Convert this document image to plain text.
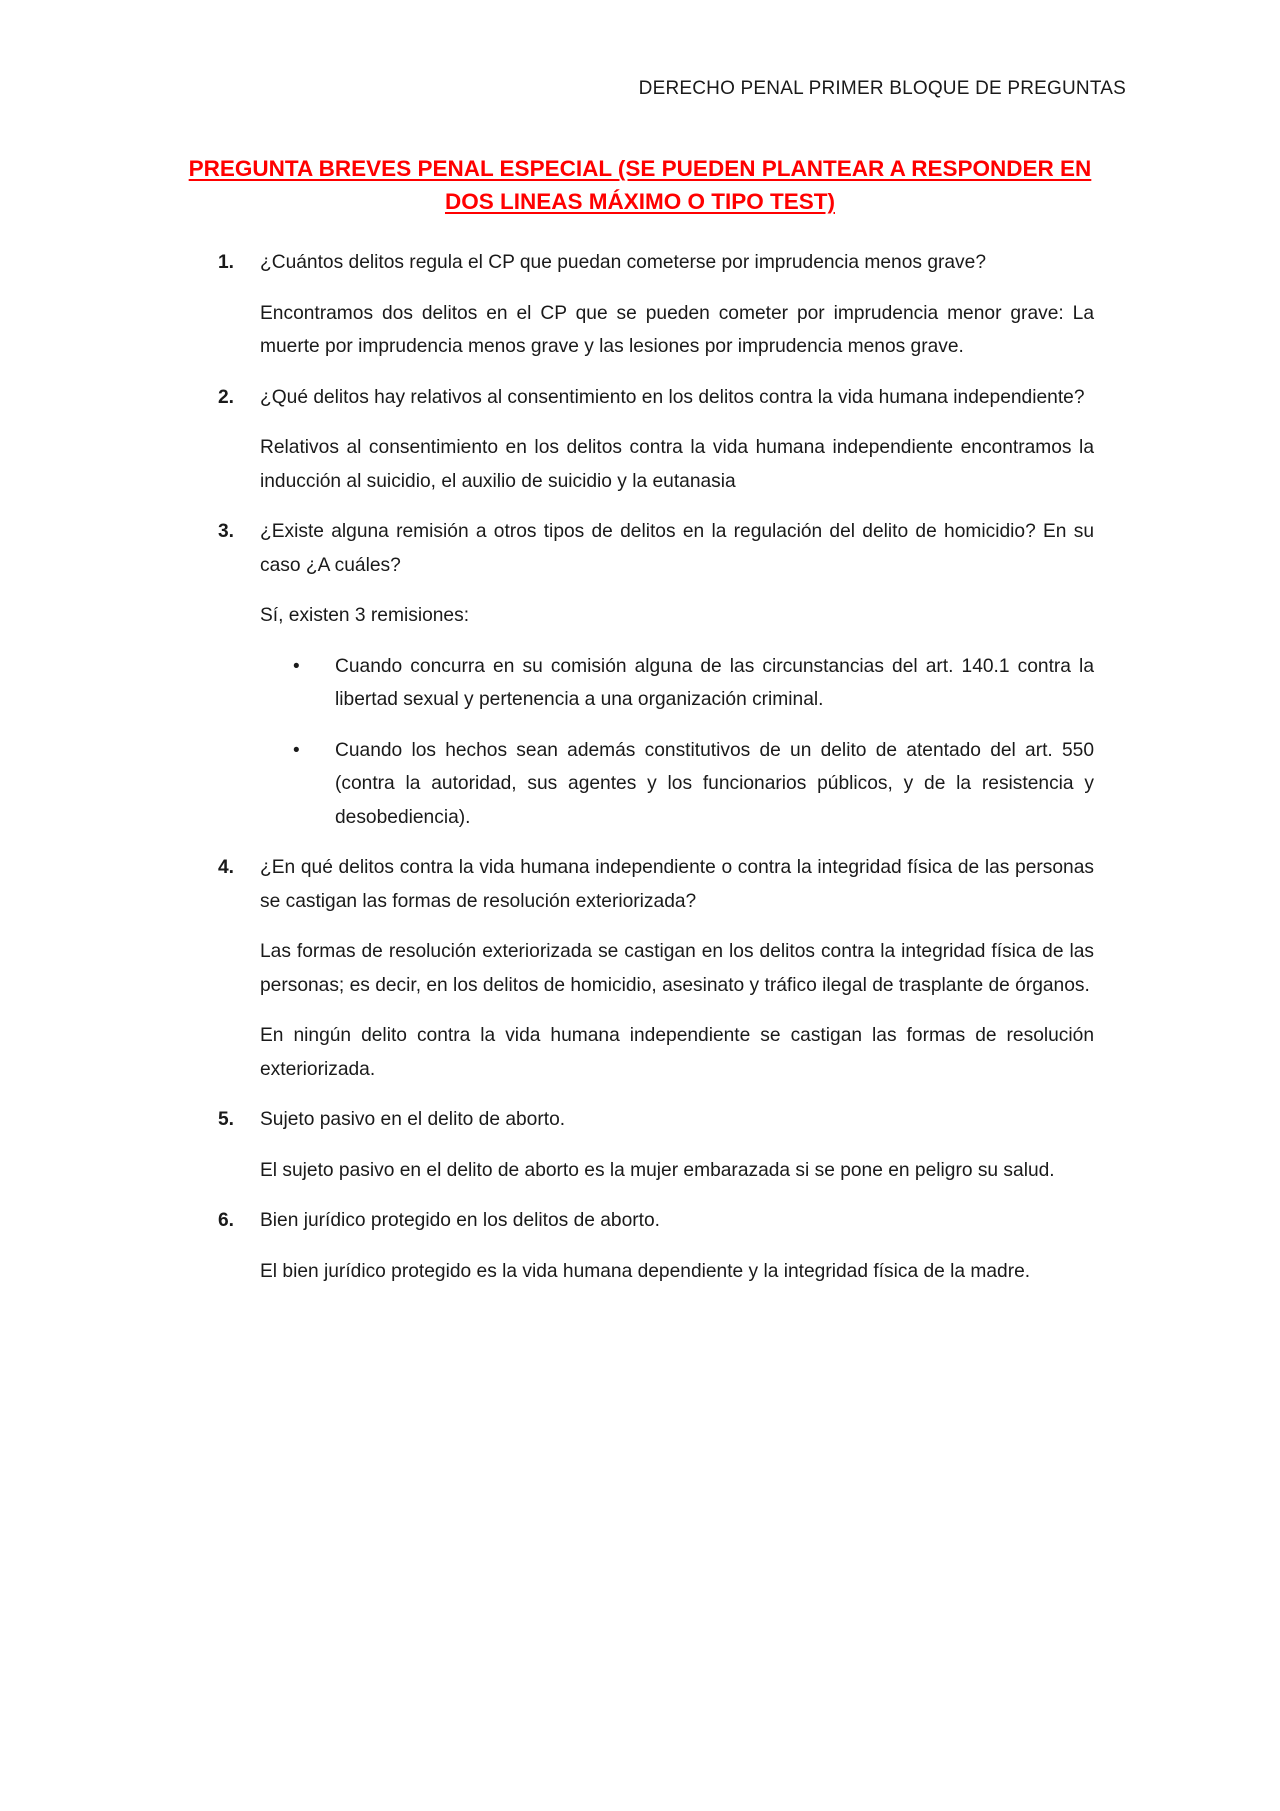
DERECHO PENAL PRIMER BLOQUE DE PREGUNTAS
PREGUNTA BREVES PENAL ESPECIAL (SE PUEDEN PLANTEAR A RESPONDER EN DOS LINEAS MÁXIMO O TIPO TEST)
1. ¿Cuántos delitos regula el CP que puedan cometerse por imprudencia menos grave?

Encontramos dos delitos en el CP que se pueden cometer por imprudencia menor grave: La muerte por imprudencia menos grave y las lesiones por imprudencia menos grave.

2. ¿Qué delitos hay relativos al consentimiento en los delitos contra la vida humana independiente?

Relativos al consentimiento en los delitos contra la vida humana independiente encontramos la inducción al suicidio, el auxilio de suicidio y la eutanasia

3. ¿Existe alguna remisión a otros tipos de delitos en la regulación del delito de homicidio? En su caso ¿A cuáles?

Sí, existen 3 remisiones:

• Cuando concurra en su comisión alguna de las circunstancias del art. 140.1 contra la libertad sexual y pertenencia a una organización criminal.
• Cuando los hechos sean además constitutivos de un delito de atentado del art. 550 (contra la autoridad, sus agentes y los funcionarios públicos, y de la resistencia y desobediencia).
4. ¿En qué delitos contra la vida humana independiente o contra la integridad física de las personas se castigan las formas de resolución exteriorizada?

Las formas de resolución exteriorizada se castigan en los delitos contra la integridad física de las personas; es decir, en los delitos de homicidio, asesinato y tráfico ilegal de trasplante de órganos.

En ningún delito contra la vida humana independiente se castigan las formas de resolución exteriorizada.

5. Sujeto pasivo en el delito de aborto.

El sujeto pasivo en el delito de aborto es la mujer embarazada si se pone en peligro su salud.

6. Bien jurídico protegido en los delitos de aborto.

El bien jurídico protegido es la vida humana dependiente y la integridad física de la madre.
